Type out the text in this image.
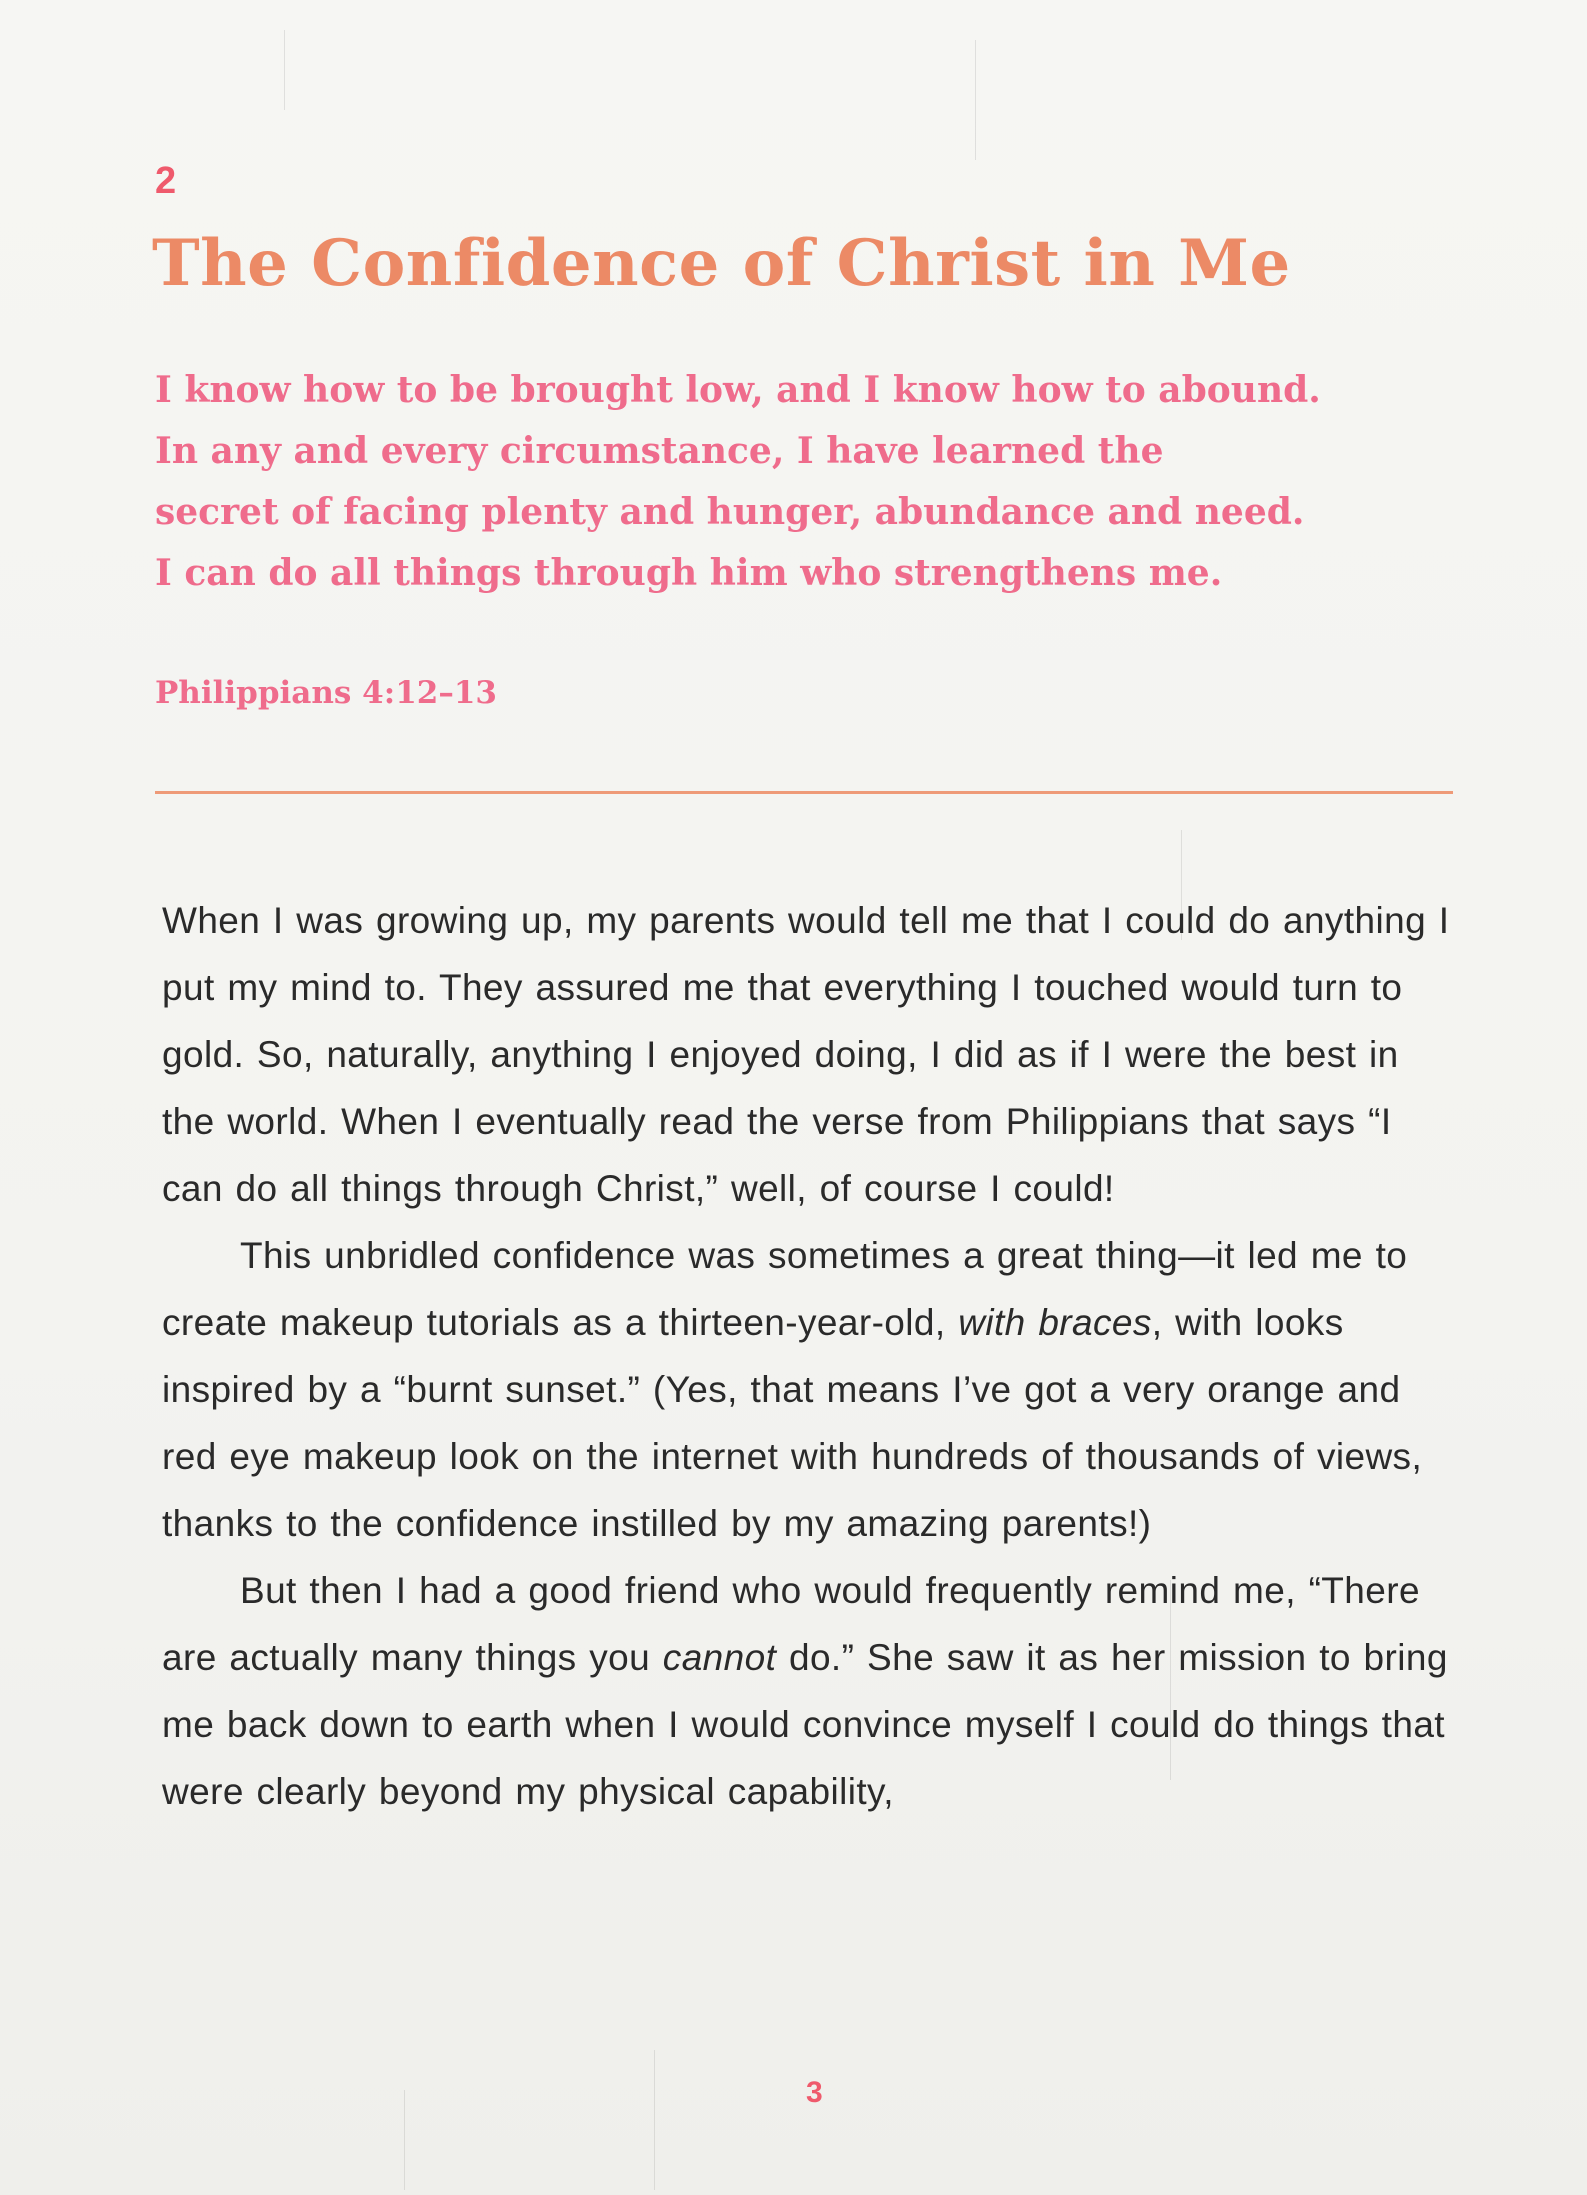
2
The Confidence of Christ in Me
I know how to be brought low, and I know how to abound.
In any and every circumstance, I have learned the
secret of facing plenty and hunger, abundance and need.
I can do all things through him who strengthens me.
Philippians 4:12–13

When I was growing up, my parents would tell me that I could do anything I put my mind to. They assured me that everything I touched would turn to gold. So, naturally, anything I enjoyed doing, I did as if I were the best in the world. When I eventually read the verse from Philippians that says “I can do all things through Christ,” well, of course I could!

This unbridled confidence was sometimes a great thing—it led me to create makeup tutorials as a thirteen-year-old, with braces, with looks inspired by a “burnt sunset.” (Yes, that means I’ve got a very orange and red eye makeup look on the internet with hundreds of thousands of views, thanks to the confidence instilled by my amazing parents!)

But then I had a good friend who would frequently remind me, “There are actually many things you cannot do.” She saw it as her mission to bring me back down to earth when I would convince myself I could do things that were clearly beyond my physical capability,

3
